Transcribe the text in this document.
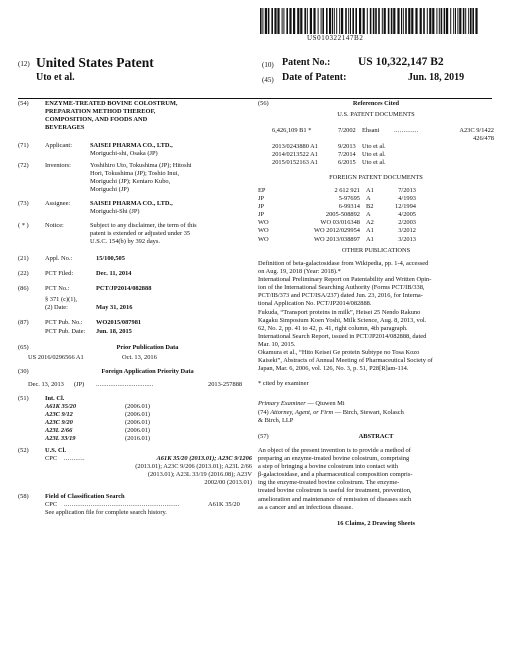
US010322147B2
(12) United States Patent
Uto et al.
(10) Patent No.: US 10,322,147 B2
(45) Date of Patent:	Jun. 18, 2019
(54)	ENZYME-TREATED BOVINE COLOSTRUM,
PREPARATION METHOD THEREOF,
COMPOSITION, AND FOODS AND
BEVERAGES
(71)	Applicant:	SAISEI PHARMA CO., LTD.,
Moriguchi-shi, Osaka (JP)
(72)	Inventors:	Yoshihiro Uto, Tokushima (JP); Hitoshi
Hori, Tokushima (JP); Toshio Inui,
Moriguchi (JP); Kentaro Kubo,
Moriguchi (JP)
(73)	Assignee:	SAISEI PHARMA CO., LTD.,
Moriguchi-Shi (JP)
( * )	Notice:	Subject to any disclaimer, the term of this
patent is extended or adjusted under 35
U.S.C. 154(b) by 392 days.
(21)	Appl. No.:	15/100,505
(22)	PCT Filed:	Dec. 11, 2014
(86)	PCT No.:	PCT/JP2014/082888
§ 371 (c)(1),
(2) Date:	May 31, 2016
(87)	PCT Pub. No.: WO2015/087981
PCT Pub. Date: Jun. 18, 2015
(65)	Prior Publication Data
US 2016/0296566 A1	Oct. 13, 2016
(30)	Foreign Application Priority Data
Dec. 13, 2013 (JP) ................................	2013-257888
(51)	Int. Cl.
A61K 35/20	(2006.01)
A23C 9/12	(2006.01)
A23C 9/20	(2006.01)
A23L 2/66	(2006.01)
A23L 33/19	(2016.01)
(52)	U.S. Cl.
CPC ...........	A61K 35/20 (2013.01); A23C 9/1206
(2013.01); A23C 9/206 (2013.01); A23L 2/66
(2013.01); A23L 33/19 (2016.08); A23V
2002/00 (2013.01)
(58)	Field of Classification Search
CPC .............................................................	A61K 35/20
See application file for complete search history.
(56)	References Cited
U.S. PATENT DOCUMENTS
6,426,109 B1 *	7/2002 Ehsani .............	A23C 9/1422
426/478
2013/0243880 A1	9/2013 Uto et al.
2014/0213522 A1	7/2014 Uto et al.
2015/0152163 A1	6/2015 Uto et al.
FOREIGN PATENT DOCUMENTS
EP	2 612 921 A1	7/2013
JP	5-97695 A	4/1993
JP	6-99314 B2	12/1994
JP	2005-508892 A	4/2005
WO	WO 03/016348 A2	2/2003
WO	WO 2012/029954 A1	3/2012
WO	WO 2013/038897 A1	3/2013
OTHER PUBLICATIONS
Definition of beta-galactosidase from Wikipedia, pp. 1-4, accessed
on Aug. 19, 2018 (Year: 2018).*
International Preliminary Report on Patentability and Written Opin-
ion of the International Searching Authority (Forms PCT/IB/338,
PCT/IB/373 and PCT/ISA/237) dated Jun. 23, 2016, for Interna-
tional Application No. PCT/JP2014/082888.
Fukuda, “Transport proteins in milk”, Heisei 25 Nendo Rakuno
Kagaku Simposium Koen Yoshi, Milk Science, Aug. 8, 2013, vol.
62, No. 2, pp. 41 to 42, p. 41, right column, 4th paragraph.
International Search Report, issued in PCT/JP2014/082888, dated
Mar. 10, 2015.
Okamura et al., “Hito Keisei Ge protein Subtype no Tosa Kozo
Kaiseki”, Abstracts of Annual Meeting of Pharmaceutical Society of
Japan, Mar. 6, 2006, vol. 126, No. 3, p. 51, P28[R]am-114.
* cited by examiner
Primary Examiner — Qiuwen Mi
(74) Attorney, Agent, or Firm — Birch, Stewart, Kolasch
& Birch, LLP
(57)	ABSTRACT
An object of the present invention is to provide a method of
preparing an enzyme-treated bovine colostrum, comprising
a step of bringing a bovine colostrum into contact with
β-galactosidase, and a pharmaceutical composition compris-
ing the enzyme-treated bovine colostrum. The enzyme-
treated bovine colostrum is useful for treatment, prevention,
amelioration and maintenance of remission of diseases such
as a cancer and an infectious disease.
16 Claims, 2 Drawing Sheets
